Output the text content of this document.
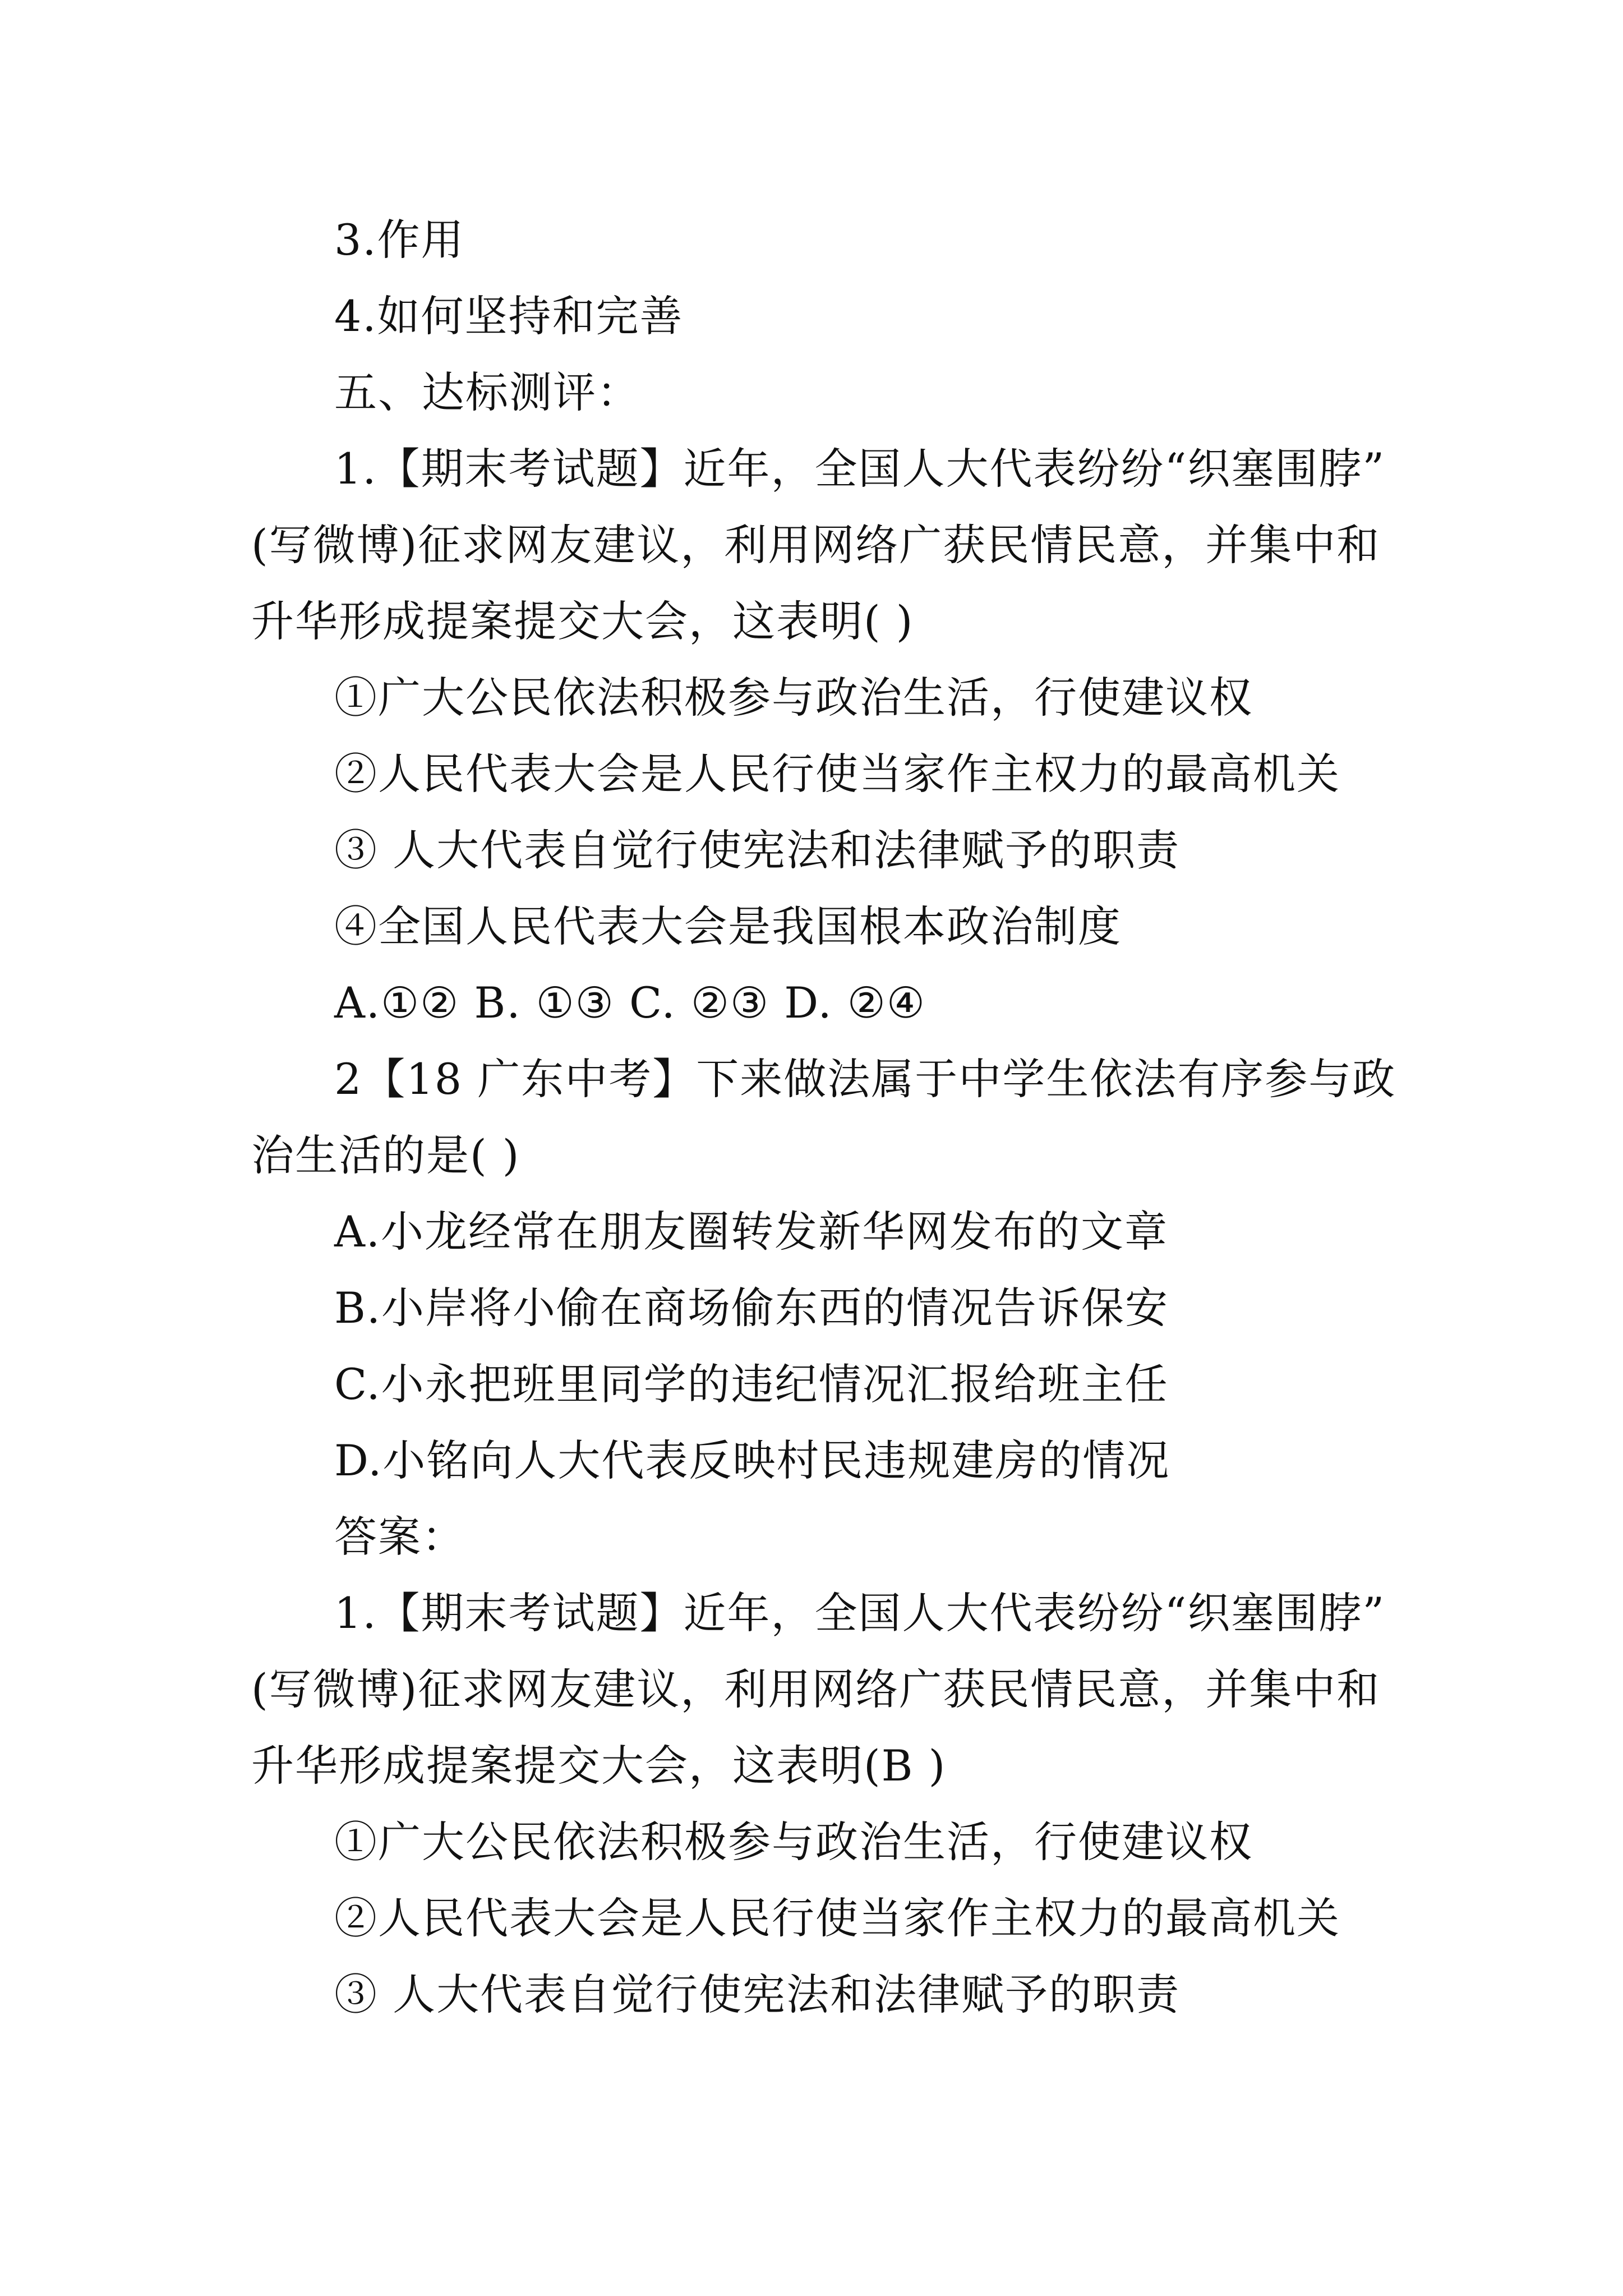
3.作用
4.如何坚持和完善
五、达标测评：
1.【期末考试题】近年，全国人大代表纷纷“织塞围脖”
(写微博)征求网友建议，利用网络广获民情民意，并集中和
升华形成提案提交大会，这表明( )
①广大公民依法积极参与政治生活，行使建议权
②人民代表大会是人民行使当家作主权力的最高机关
③ 人大代表自觉行使宪法和法律赋予的职责
④全国人民代表大会是我国根本政治制度
A.①② B. ①③ C. ②③ D. ②④
2【18 广东中考】下来做法属于中学生依法有序参与政
治生活的是( )
A.小龙经常在朋友圈转发新华网发布的文章
B.小岸将小偷在商场偷东西的情况告诉保安
C.小永把班里同学的违纪情况汇报给班主任
D.小铭向人大代表反映村民违规建房的情况
答案：
1.【期末考试题】近年，全国人大代表纷纷“织塞围脖”
(写微博)征求网友建议，利用网络广获民情民意，并集中和
升华形成提案提交大会，这表明(B )
①广大公民依法积极参与政治生活，行使建议权
②人民代表大会是人民行使当家作主权力的最高机关
③ 人大代表自觉行使宪法和法律赋予的职责
